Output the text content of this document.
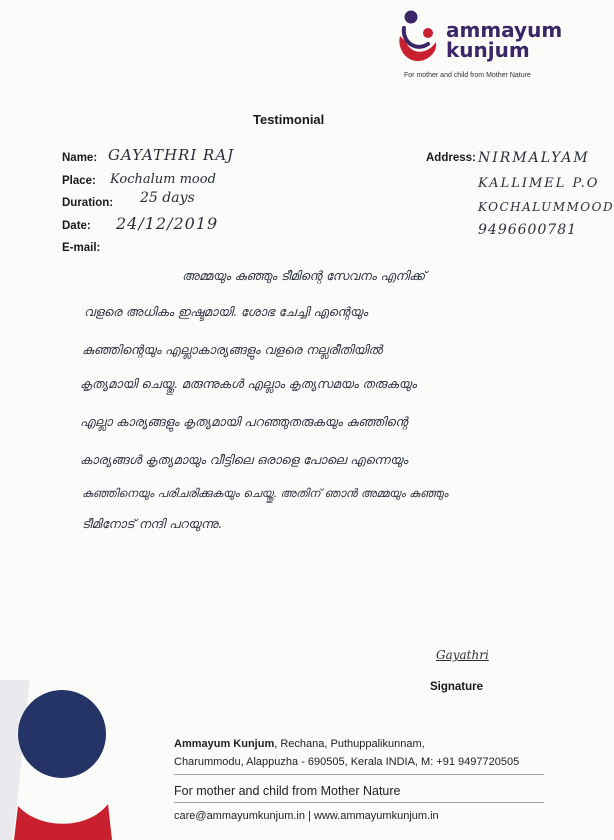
ammayum
kunjum
For mother and child from Mother Nature
Testimonial
Name: GAYATHRI RAJ
Place: Kochalum mood
Duration: 25 days
Date: 24/12/2019
E-mail:
Address: NIRMALYAM
KALLIMEL P.O
KOCHALUMMOOD
9496600781
അമ്മയും കുഞ്ഞും ടീമിന്റെ സേവനം എനിക്ക്
വളരെ അധികം ഇഷ്ടമായി. ശോഭ ചേച്ചി എന്റെയും
കുഞ്ഞിന്റെയും എല്ലാകാര്യങ്ങളും വളരെ നല്ലരീതിയിൽ
കൃത്യമായി ചെയ്തു. മരുന്നുകൾ എല്ലാം കൃത്യസമയം തരുകയും
എല്ലാ കാര്യങ്ങളും കൃത്യമായി പറഞ്ഞുതരുകയും കുഞ്ഞിന്റെ
കാര്യങ്ങൾ കൃത്യമായും വീട്ടിലെ ഒരാളെ പോലെ എന്നെയും
കുഞ്ഞിനെയും പരിചരിക്കുകയും ചെയ്തു. അതിന് ഞാൻ അമ്മയും കുഞ്ഞും
ടീമിനോട് നന്ദി പറയുന്നു.
Gayathri
Signature
Ammayum Kunjum, Rechana, Puthuppalikunnam,
Charummodu, Alappuzha - 690505, Kerala INDIA, M: +91 9497720505
For mother and child from Mother Nature
care@ammayumkunjum.in | www.ammayumkunjum.in
